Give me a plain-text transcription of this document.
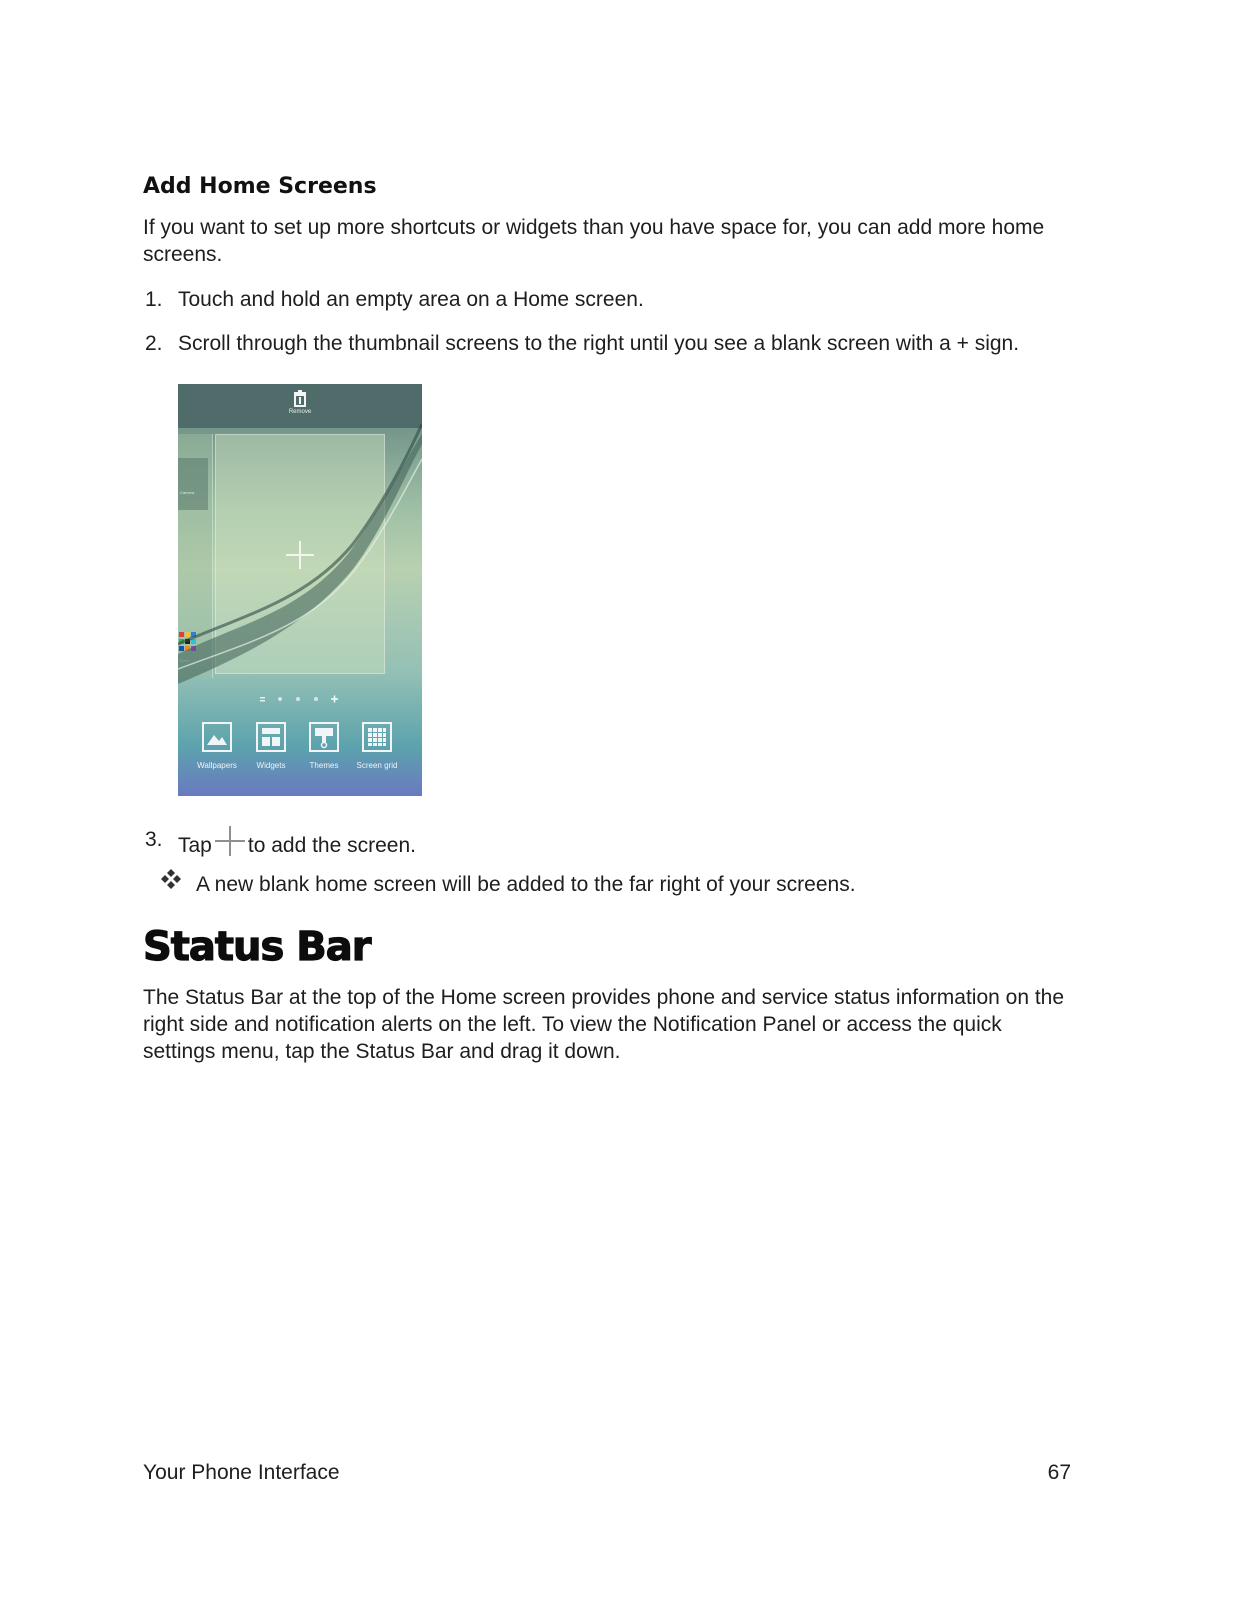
Add Home Screens

If you want to set up more shortcuts or widgets than you have space for, you can add more home screens.

1. Touch and hold an empty area on a Home screen.
2. Scroll through the thumbnail screens to the right until you see a blank screen with a + sign.
Remove
Camera
Wallpapers	Widgets	Themes	Screen grid
3. Tap to add the screen.
A new blank home screen will be added to the far right of your screens.
Status Bar

The Status Bar at the top of the Home screen provides phone and service status information on the right side and notification alerts on the left. To view the Notification Panel or access the quick settings menu, tap the Status Bar and drag it down.

Your Phone Interface	67
